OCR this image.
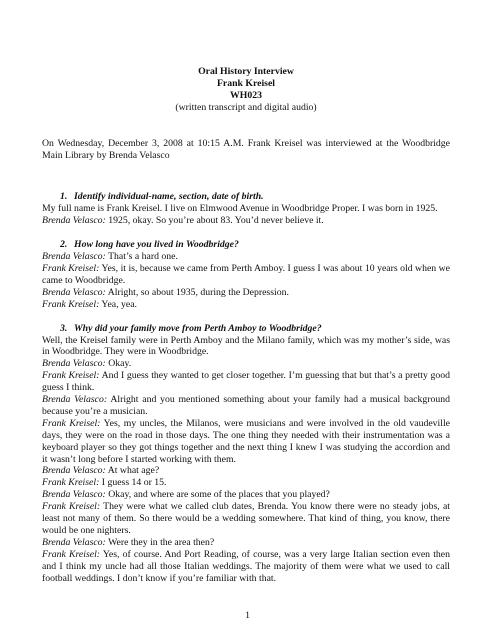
Oral History Interview
Frank Kreisel
WH023
(written transcript and digital audio)

On Wednesday, December 3, 2008 at 10:15 A.M. Frank Kreisel was interviewed at the Woodbridge Main Library by Brenda Velasco

1. Identify individual-name, section, date of birth.

My full name is Frank Kreisel. I live on Elmwood Avenue in Woodbridge Proper. I was born in 1925.

Brenda Velasco: 1925, okay. So you’re about 83. You’d never believe it.

2. How long have you lived in Woodbridge?

Brenda Velasco: That’s a hard one.

Frank Kreisel: Yes, it is, because we came from Perth Amboy. I guess I was about 10 years old when we came to Woodbridge.

Brenda Velasco: Alright, so about 1935, during the Depression.

Frank Kreisel: Yea, yea.

3. Why did your family move from Perth Amboy to Woodbridge?

Well, the Kreisel family were in Perth Amboy and the Milano family, which was my mother’s side, was in Woodbridge. They were in Woodbridge.

Brenda Velasco: Okay.

Frank Kreisel: And I guess they wanted to get closer together. I’m guessing that but that’s a pretty good guess I think.

Brenda Velasco: Alright and you mentioned something about your family had a musical background because you’re a musician.

Frank Kreisel: Yes, my uncles, the Milanos, were musicians and were involved in the old vaudeville days, they were on the road in those days. The one thing they needed with their instrumentation was a keyboard player so they got things together and the next thing I knew I was studying the accordion and it wasn’t long before I started working with them.

Brenda Velasco: At what age?

Frank Kreisel: I guess 14 or 15.

Brenda Velasco: Okay, and where are some of the places that you played?

Frank Kreisel: They were what we called club dates, Brenda. You know there were no steady jobs, at least not many of them. So there would be a wedding somewhere. That kind of thing, you know, there would be one nighters.

Brenda Velasco: Were they in the area then?

Frank Kreisel: Yes, of course. And Port Reading, of course, was a very large Italian section even then and I think my uncle had all those Italian weddings. The majority of them were what we used to call football weddings. I don’t know if you’re familiar with that.

1
